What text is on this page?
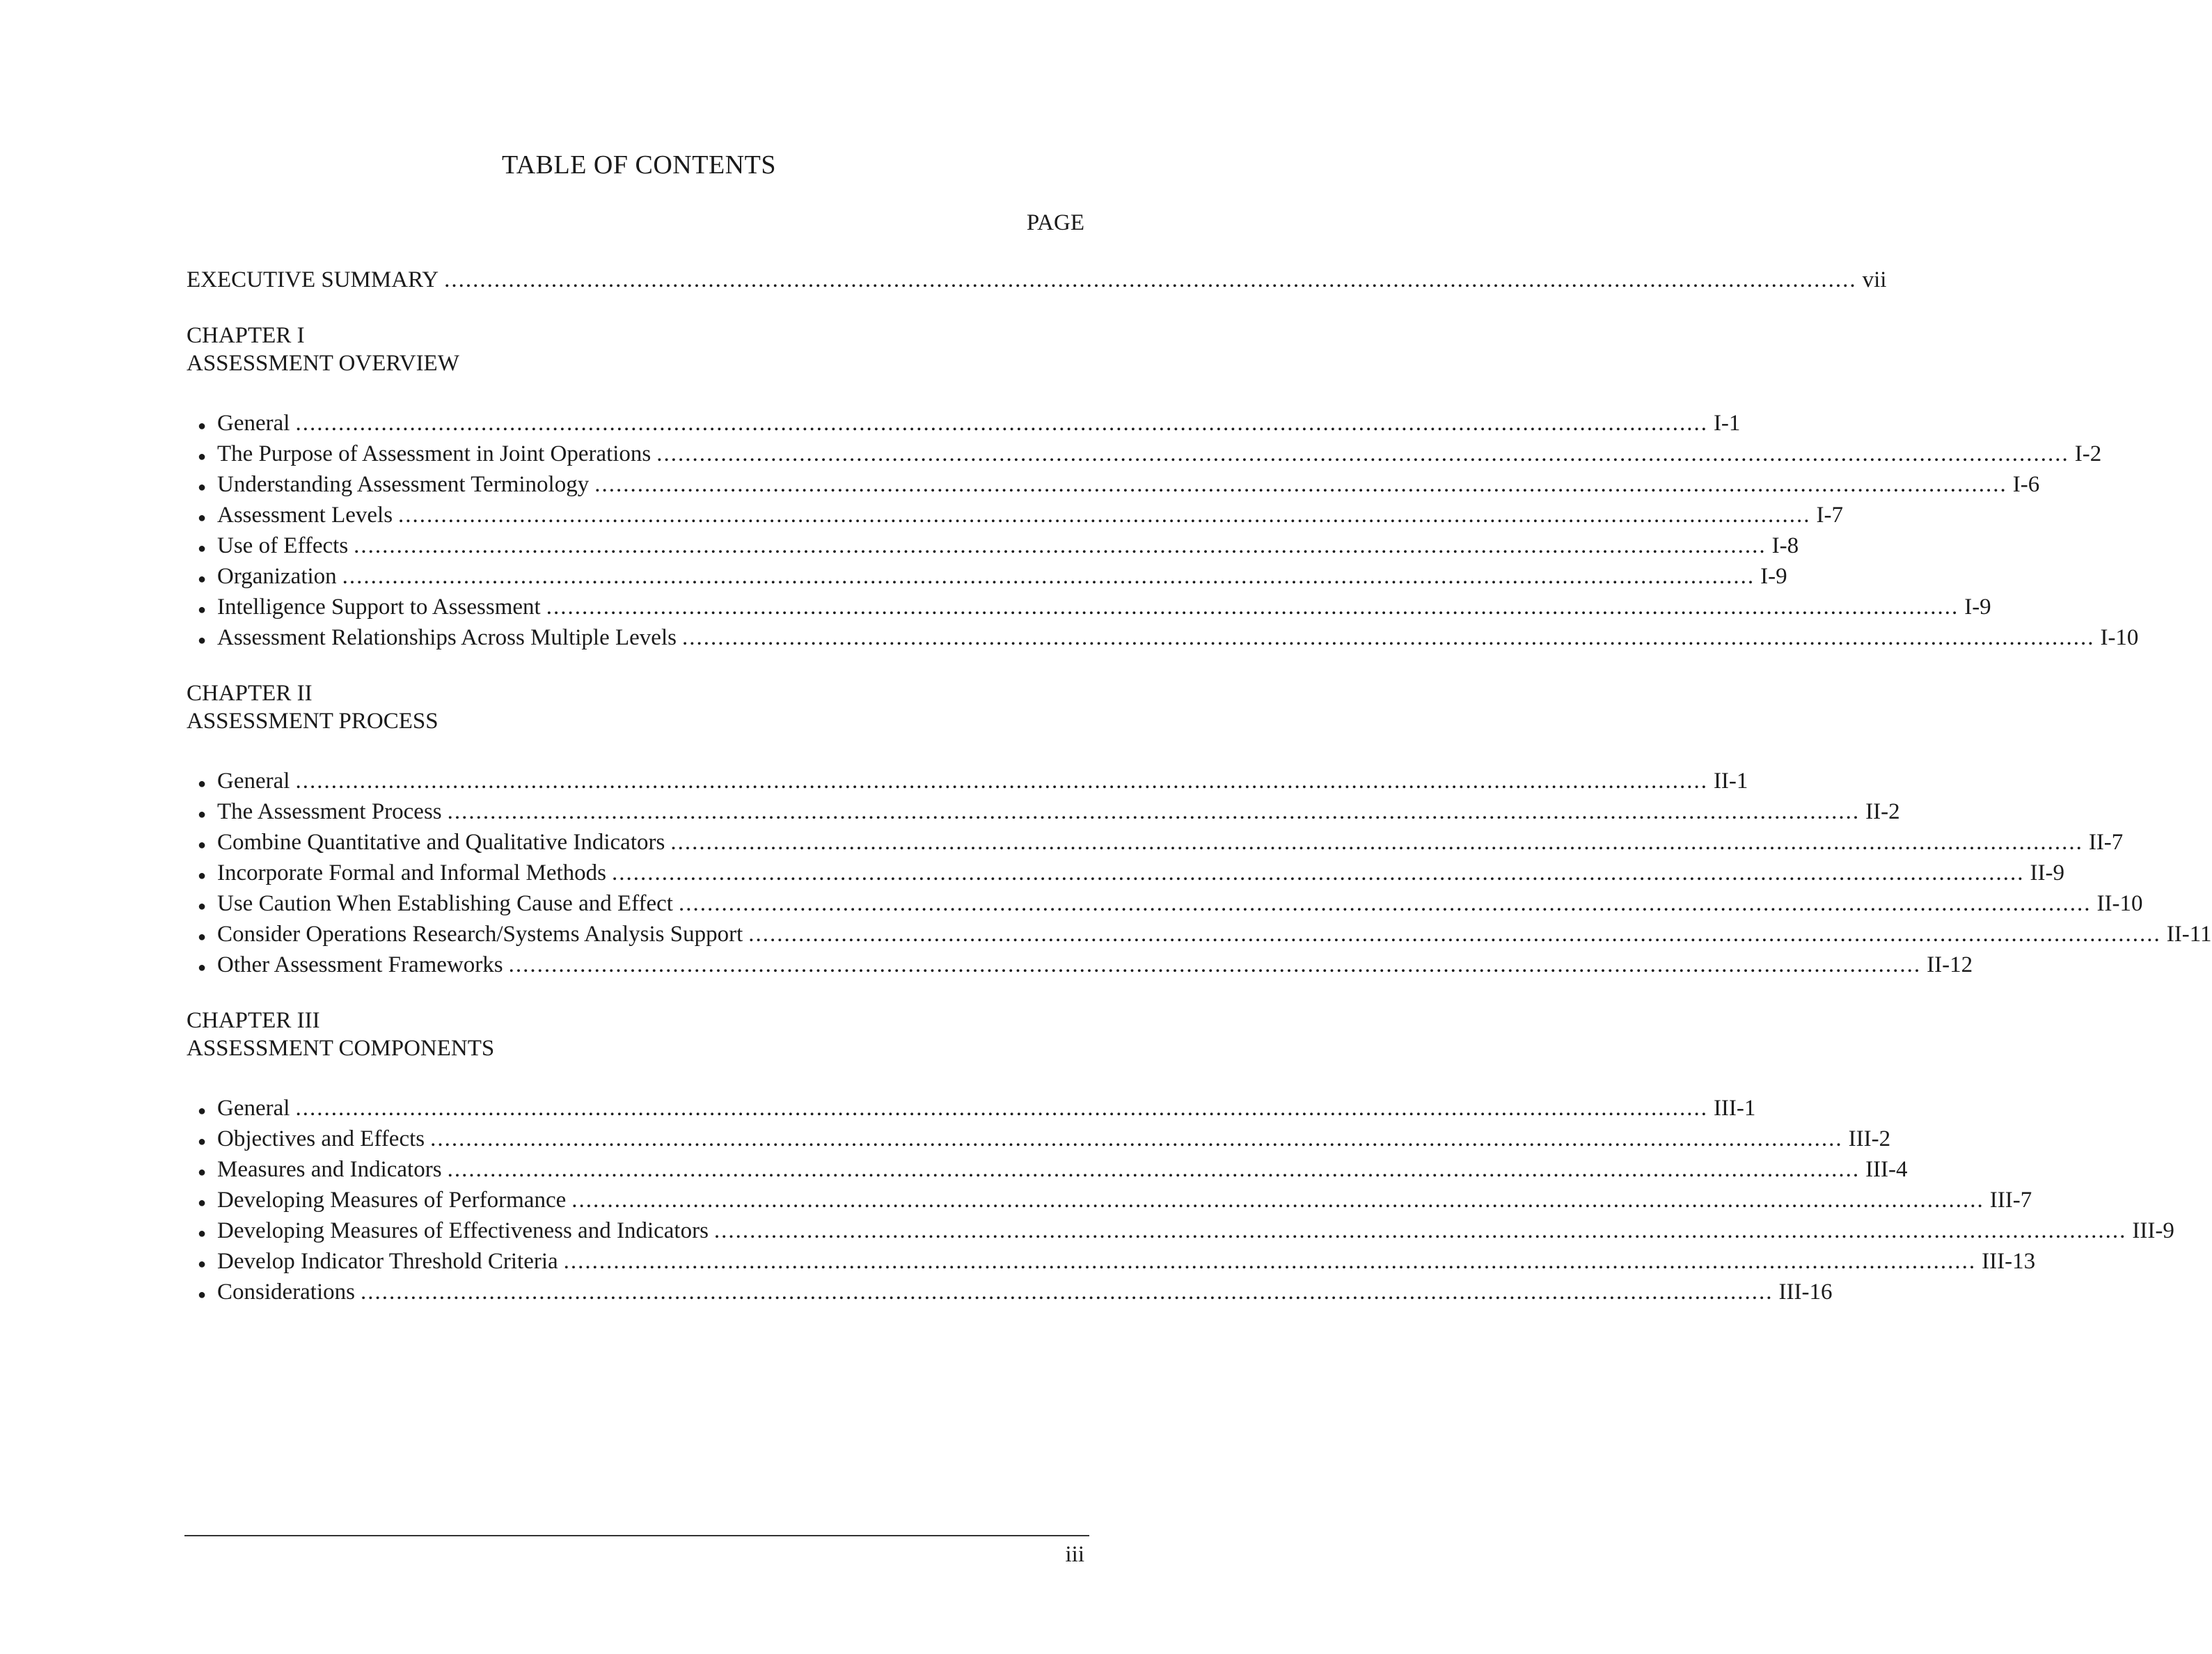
TABLE OF CONTENTS
PAGE
EXECUTIVE SUMMARY ...................................................................................................................................................................................................... vii
CHAPTER I
ASSESSMENT OVERVIEW
● General ...................................................................................................................................................................................................... I-1
● The Purpose of Assessment in Joint Operations ...................................................................................................................................................................................................... I-2
● Understanding Assessment Terminology ...................................................................................................................................................................................................... I-6
● Assessment Levels ...................................................................................................................................................................................................... I-7
● Use of Effects ...................................................................................................................................................................................................... I-8
● Organization ...................................................................................................................................................................................................... I-9
● Intelligence Support to Assessment ...................................................................................................................................................................................................... I-9
● Assessment Relationships Across Multiple Levels ...................................................................................................................................................................................................... I-10
CHAPTER II
ASSESSMENT PROCESS
● General ...................................................................................................................................................................................................... II-1
● The Assessment Process ...................................................................................................................................................................................................... II-2
● Combine Quantitative and Qualitative Indicators ...................................................................................................................................................................................................... II-7
● Incorporate Formal and Informal Methods ...................................................................................................................................................................................................... II-9
● Use Caution When Establishing Cause and Effect ...................................................................................................................................................................................................... II-10
● Consider Operations Research/Systems Analysis Support ...................................................................................................................................................................................................... II-11
● Other Assessment Frameworks ...................................................................................................................................................................................................... II-12
CHAPTER III
ASSESSMENT COMPONENTS
● General ...................................................................................................................................................................................................... III-1
● Objectives and Effects ...................................................................................................................................................................................................... III-2
● Measures and Indicators ...................................................................................................................................................................................................... III-4
● Developing Measures of Performance ...................................................................................................................................................................................................... III-7
● Developing Measures of Effectiveness and Indicators ...................................................................................................................................................................................................... III-9
● Develop Indicator Threshold Criteria ...................................................................................................................................................................................................... III-13
● Considerations ...................................................................................................................................................................................................... III-16
iii
